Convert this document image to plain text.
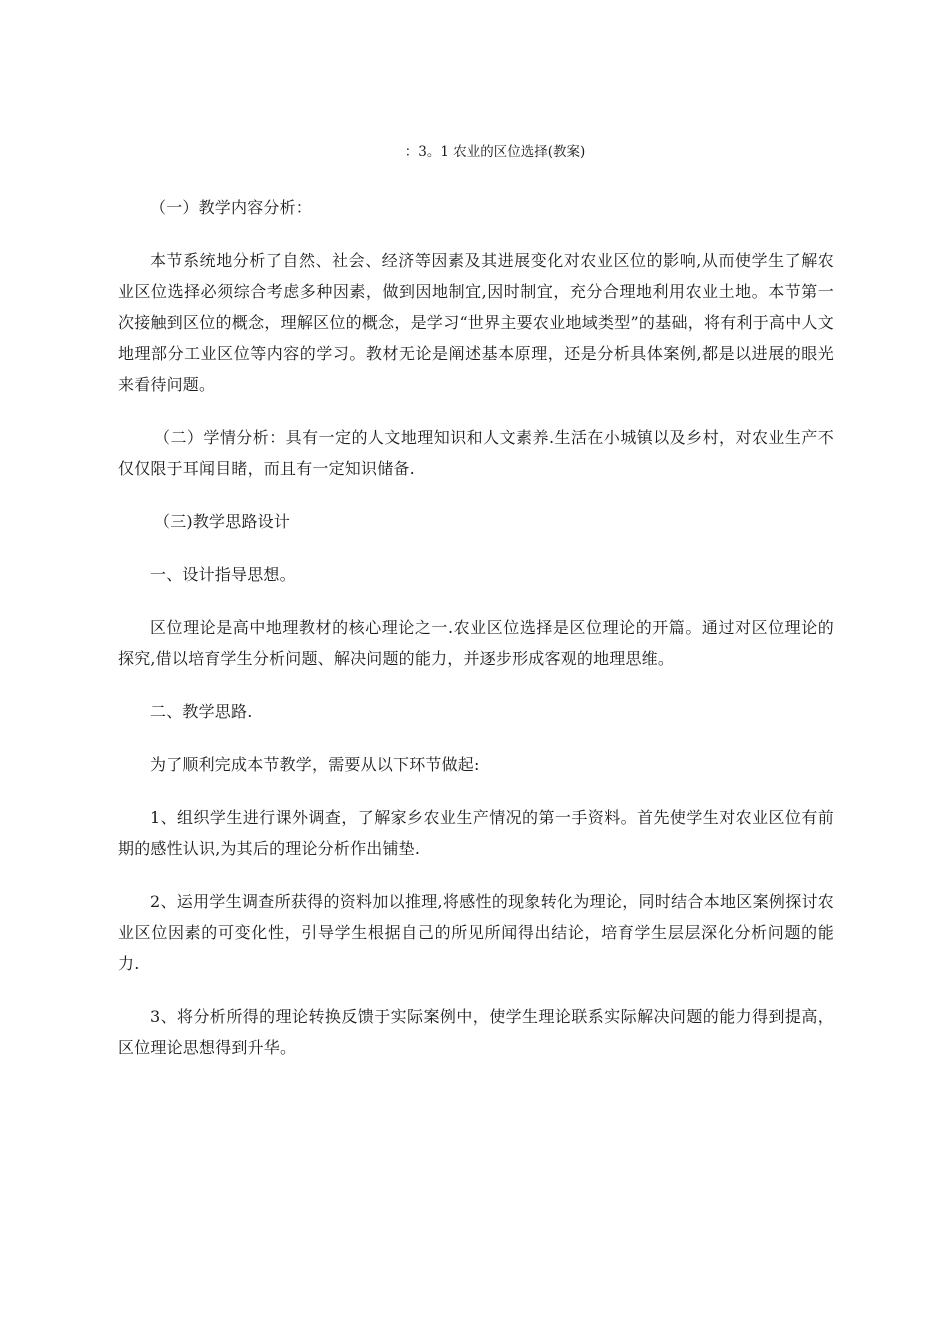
：3。1 农业的区位选择(教案)

（一）教学内容分析：

本节系统地分析了自然、社会、经济等因素及其进展变化对农业区位的影响,从而使学生了解农业区位选择必须综合考虑多种因素，做到因地制宜,因时制宜，充分合理地利用农业土地。本节第一次接触到区位的概念，理解区位的概念，是学习“世界主要农业地域类型”的基础，将有利于高中人文地理部分工业区位等内容的学习。教材无论是阐述基本原理，还是分析具体案例,都是以进展的眼光来看待问题。

（二）学情分析：具有一定的人文地理知识和人文素养.生活在小城镇以及乡村，对农业生产不仅仅限于耳闻目睹，而且有一定知识储备.

（三)教学思路设计

一、设计指导思想。

区位理论是高中地理教材的核心理论之一.农业区位选择是区位理论的开篇。通过对区位理论的探究,借以培育学生分析问题、解决问题的能力，并逐步形成客观的地理思维。

二、教学思路.

为了顺利完成本节教学，需要从以下环节做起:

1、组织学生进行课外调查，了解家乡农业生产情况的第一手资料。首先使学生对农业区位有前期的感性认识,为其后的理论分析作出铺垫.

2、运用学生调查所获得的资料加以推理,将感性的现象转化为理论，同时结合本地区案例探讨农业区位因素的可变化性，引导学生根据自己的所见所闻得出结论，培育学生层层深化分析问题的能力.

3、将分析所得的理论转换反馈于实际案例中，使学生理论联系实际解决问题的能力得到提高，区位理论思想得到升华。
